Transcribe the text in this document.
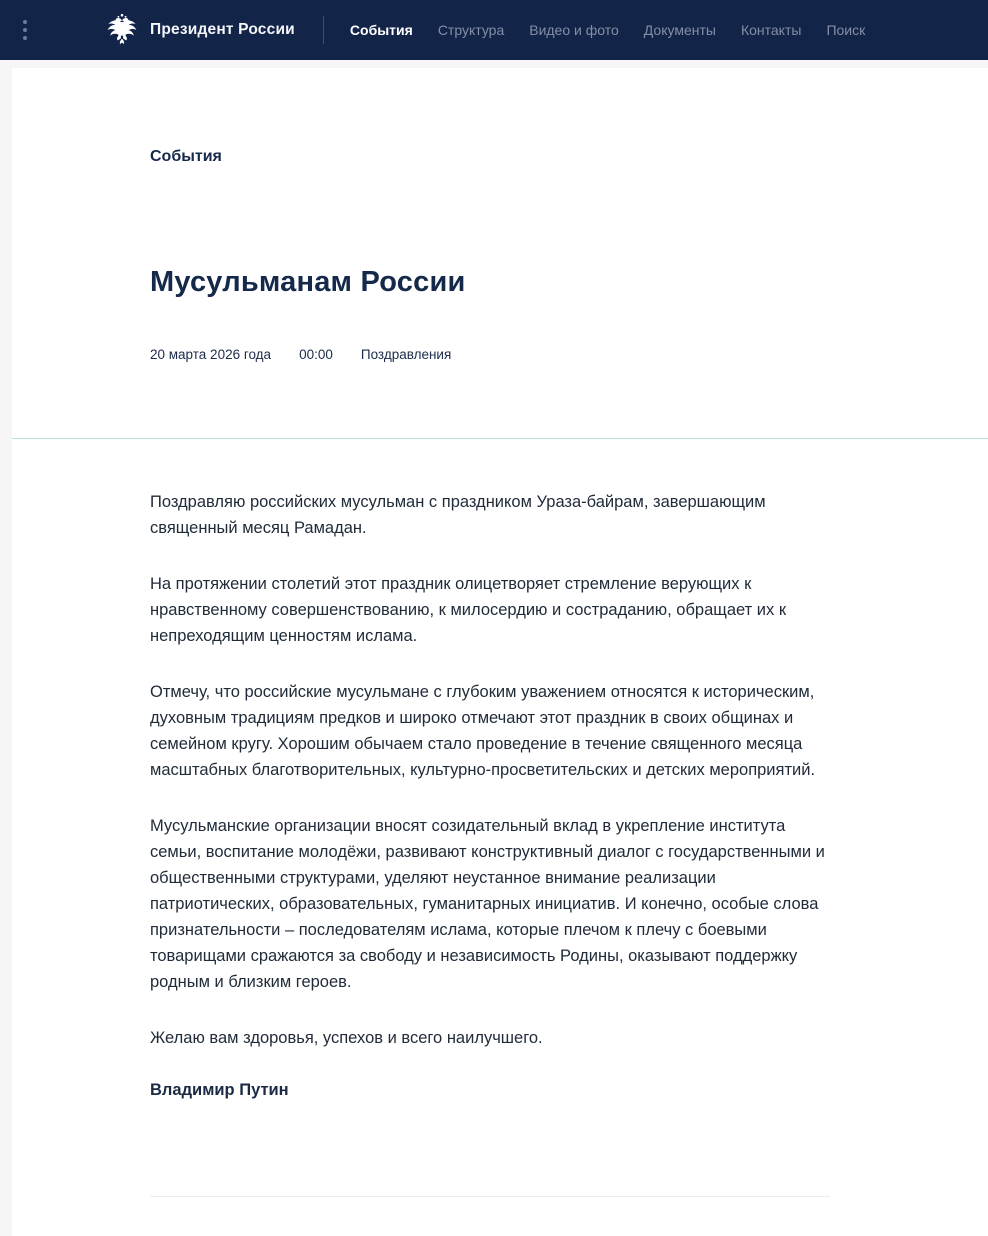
Президент России	События Структура Видео и фото Документы Контакты Поиск
События
Мусульманам России
20 марта 2026 года 00:00 Поздравления

Поздравляю российских мусульман с праздником Ураза-байрам, завершающим священный месяц Рамадан.

На протяжении столетий этот праздник олицетворяет стремление верующих к нравственному совершенствованию, к милосердию и состраданию, обращает их к непреходящим ценностям ислама.

Отмечу, что российские мусульмане с глубоким уважением относятся к историческим, духовным традициям предков и широко отмечают этот праздник в своих общинах и семейном кругу. Хорошим обычаем стало проведение в течение священного месяца масштабных благотворительных, культурно-просветительских и детских мероприятий.

Мусульманские организации вносят созидательный вклад в укрепление института семьи, воспитание молодёжи, развивают конструктивный диалог с государственными и общественными структурами, уделяют неустанное внимание реализации патриотических, образовательных, гуманитарных инициатив. И конечно, особые слова признательности – последователям ислама, которые плечом к плечу с боевыми товарищами сражаются за свободу и независимость Родины, оказывают поддержку родным и близким героев.

Желаю вам здоровья, успехов и всего наилучшего.

Владимир Путин
